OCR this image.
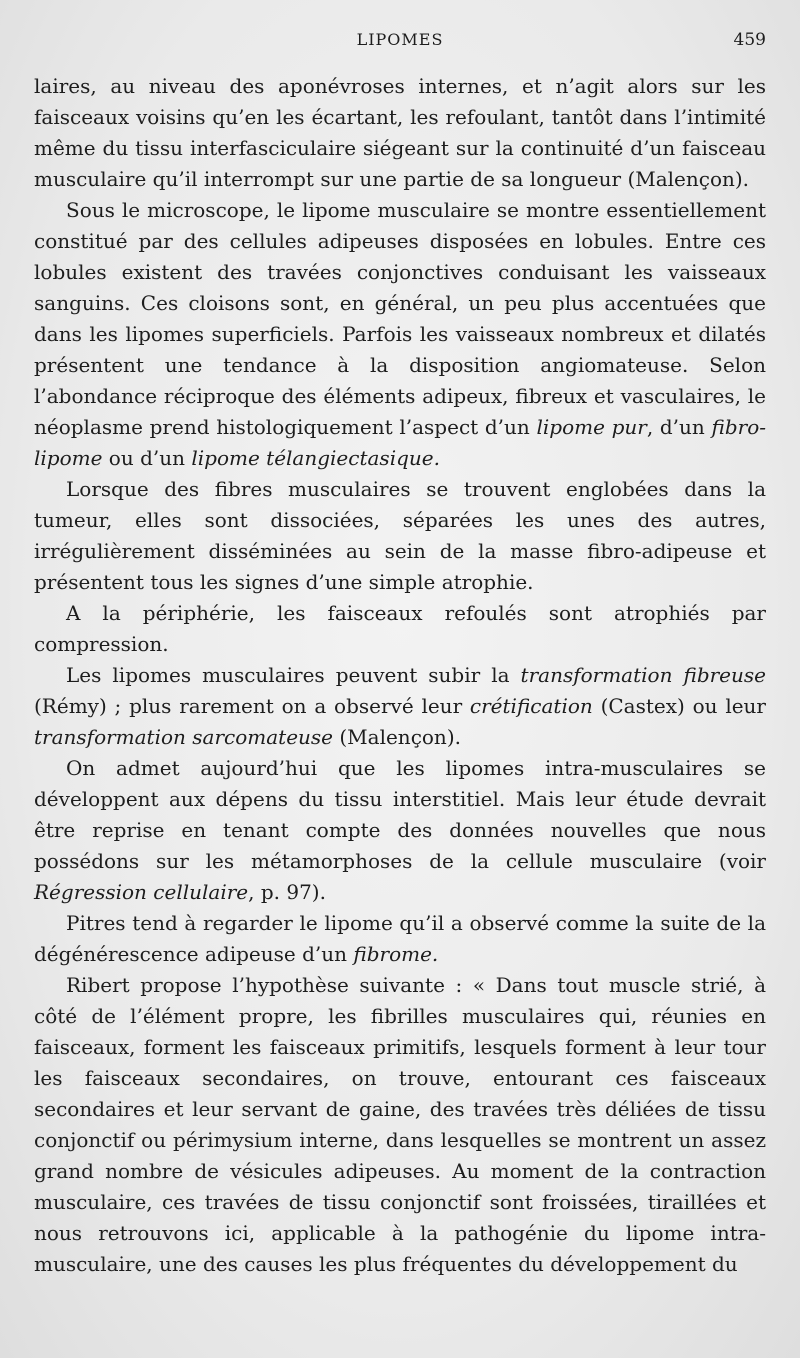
LIPOMES	459

laires, au niveau des aponévroses internes, et n’agit alors sur les faisceaux voisins qu’en les écartant, les refoulant, tantôt dans l’intimité même du tissu interfasciculaire siégeant sur la continuité d’un faisceau musculaire qu’il interrompt sur une partie de sa longueur (Malençon).

Sous le microscope, le lipome musculaire se montre essentiellement constitué par des cellules adipeuses disposées en lobules. Entre ces lobules existent des travées conjonctives conduisant les vaisseaux sanguins. Ces cloisons sont, en général, un peu plus accentuées que dans les lipomes superficiels. Parfois les vaisseaux nombreux et dilatés présentent une tendance à la disposition angiomateuse. Selon l’abondance réciproque des éléments adipeux, fibreux et vasculaires, le néoplasme prend histologiquement l’aspect d’un lipome pur, d’un fibro-lipome ou d’un lipome télangiectasique.

Lorsque des fibres musculaires se trouvent englobées dans la tumeur, elles sont dissociées, séparées les unes des autres, irrégulièrement disséminées au sein de la masse fibro-adipeuse et présentent tous les signes d’une simple atrophie.

A la périphérie, les faisceaux refoulés sont atrophiés par compression.

Les lipomes musculaires peuvent subir la transformation fibreuse (Rémy) ; plus rarement on a observé leur crétification (Castex) ou leur transformation sarcomateuse (Malençon).

On admet aujourd’hui que les lipomes intra-musculaires se développent aux dépens du tissu interstitiel. Mais leur étude devrait être reprise en tenant compte des données nouvelles que nous possédons sur les métamorphoses de la cellule musculaire (voir Régression cellulaire, p. 97).

Pitres tend à regarder le lipome qu’il a observé comme la suite de la dégénérescence adipeuse d’un fibrome.

Ribert propose l’hypothèse suivante : « Dans tout muscle strié, à côté de l’élément propre, les fibrilles musculaires qui, réunies en faisceaux, forment les faisceaux primitifs, lesquels forment à leur tour les faisceaux secondaires, on trouve, entourant ces faisceaux secondaires et leur servant de gaine, des travées très déliées de tissu conjonctif ou périmysium interne, dans lesquelles se montrent un assez grand nombre de vésicules adipeuses. Au moment de la contraction musculaire, ces travées de tissu conjonctif sont froissées, tiraillées et nous retrouvons ici, applicable à la pathogénie du lipome intra-musculaire, une des causes les plus fréquentes du développement du
